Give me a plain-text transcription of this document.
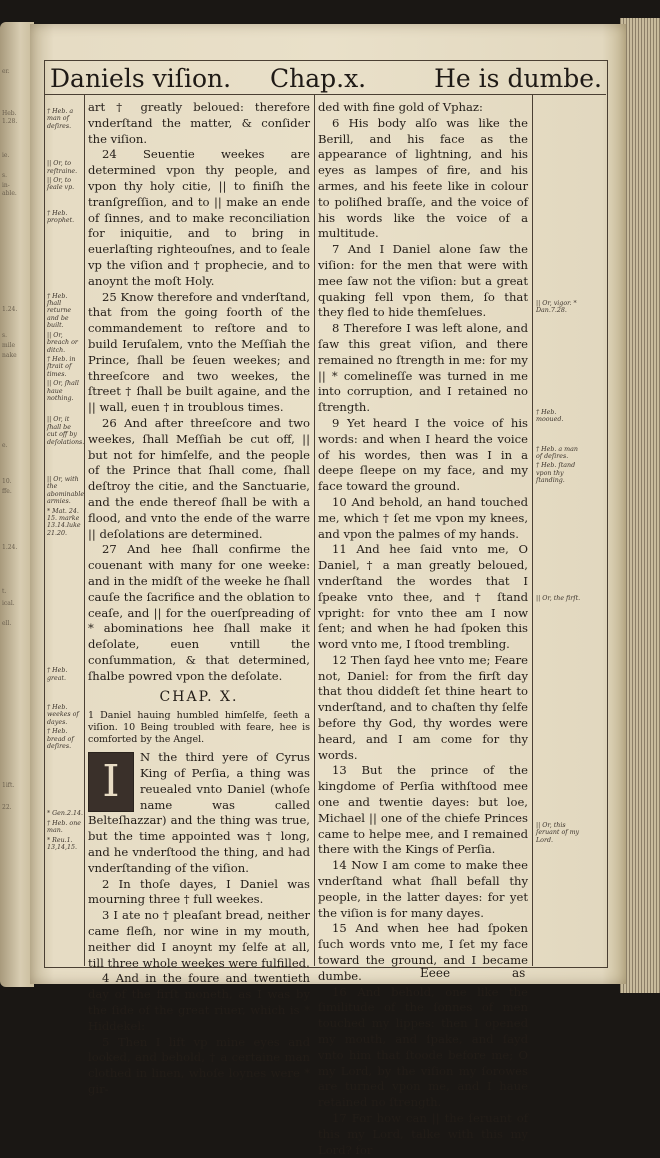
er.
Heb.
1.28.
ie.
s.
in-
able.
1.24.
s.
mile
nake
e.
10.
ffe.
1.24.
t.
ical.
ell.
1ift.
22.
Daniels viſion. Chap.x.	He is dumbe.
† Heb. a man of deſires.
|| Or, to reſtraine.
|| Or, to ſeale vp.
† Heb. prophet.
† Heb. ſhall returne and be built.
|| Or, breach or ditch.
† Heb. in ſtrait of times.
|| Or, ſhall haue nothing.
|| Or, it ſhall be cut off by deſolations.
|| Or, with the abominable armies.
* Mat. 24. 15. marke 13.14.luke 21.20.
† Heb. great.
† Heb. weekes of dayes.
† Heb. bread of deſires.
* Gen.2.14.
† Heb. one man.
* Reu.1. 13,14,15.

art † greatly beloued: therefore vnderſtand the matter, & conſider the viſion.

24 Seuentie weekes are determined vpon thy people, and vpon thy holy citie, || to finiſh the tranſgreſſion, and to || make an ende of ſinnes, and to make reconciliation for iniquitie, and to bring in euerlaſting righteouſnes, and to ſeale vp the viſion and † prophecie, and to anoynt the moſt Holy.

25 Know therefore and vnderſtand, that from the going foorth of the commandement to reſtore and to build Ieruſalem, vnto the Meſſiah the Prince, ſhall be ſeuen weekes; and threeſcore and two weekes, the ſtreet † ſhall be built againe, and the || wall, euen † in troublous times.

26 And after threeſcore and two weekes, ſhall Meſſiah be cut off, || but not for himſelfe, and the people of the Prince that ſhall come, ſhall deſtroy the citie, and the Sanctuarie, and the ende thereof ſhall be with a flood, and vnto the ende of the warre || deſolations are determined.

27 And hee ſhall confirme the couenant with many for one weeke: and in the midſt of the weeke he ſhall cauſe the ſacrifice and the oblation to ceaſe, and || for the ouerſpreading of * abominations hee ſhall make it deſolate, euen vntill the conſummation, & that determined, ſhalbe powred vpon the deſolate.

CHAP. X.
1 Daniel hauing humbled himſelfe, ſeeth a viſion. 10 Being troubled with feare, hee is comforted by the Angel.
I	N the third yere of Cyrus King of Perſia, a thing was reuealed vnto Daniel (whoſe name was called Belteſhazzar) and the thing was true, but the time appointed was † long, and he vnderſtood the thing, and had vnderſtanding of the viſion.

2 In thoſe dayes, I Daniel was mourning three † full weekes.

3 I ate no † pleaſant bread, neither came fleſh, nor wine in my mouth, neither did I anoynt my ſelfe at all, till three whole weekes were fulfilled.

4 And in the foure and twentieth day of the firſt moneth, as I was by the ſide of the great riuer, which is * Hiddekel:

5 Then I lift vp mine eyes and looked, and behold, † a certaine man clothed in linen, whoſe loynes were * gir-

ded with fine gold of Vphaz:

6 His body alſo was like the Berill, and his face as the appearance of lightning, and his eyes as lampes of fire, and his armes, and his feete like in colour to poliſhed braſſe, and the voice of his words like the voice of a multitude.

7 And I Daniel alone ſaw the viſion: for the men that were with mee ſaw not the viſion: but a great quaking fell vpon them, ſo that they fled to hide themſelues.

8 Therefore I was left alone, and ſaw this great viſion, and there remained no ſtrength in me: for my || * comelineſſe was turned in me into corruption, and I retained no ſtrength.

9 Yet heard I the voice of his words: and when I heard the voice of his wordes, then was I in a deepe ſleepe on my face, and my face toward the ground.

10 And behold, an hand touched me, which † ſet me vpon my knees, and vpon the palmes of my hands.

11 And hee ſaid vnto me, O Daniel, † a man greatly beloued, vnderſtand the wordes that I ſpeake vnto thee, and † ſtand vpright: for vnto thee am I now ſent; and when he had ſpoken this word vnto me, I ſtood trembling.

12 Then ſayd hee vnto me; Feare not, Daniel: for from the firſt day that thou diddeſt ſet thine heart to vnderſtand, and to chaſten thy ſelfe before thy God, thy wordes were heard, and I am come for thy words.

13 But the prince of the kingdome of Perſia withſtood mee one and twentie dayes: but loe, Michael || one of the chiefe Princes came to helpe mee, and I remained there with the Kings of Perſia.

14 Now I am come to make thee vnderſtand what ſhall befall thy people, in the latter dayes: for yet the viſion is for many dayes.

15 And when hee had ſpoken ſuch words vnto me, I ſet my face toward the ground, and I became dumbe.

16 And behold, one like the ſimilitude of the ſonnes of men touched my lippes: then I opened my mouth, and ſpake, and ſayd vnto him that ſtoode before me; O my Lord, by the viſion my ſorowes are turned vpon me, and I haue retained no ſtrength.

17 For how can || the ſeruant of this my Lord, talke with this my Lord? for

|| Or, vigor. * Dan.7.28.
† Heb. mooued.
† Heb. a man of deſires.
† Heb. ſtand vpon thy ſtanding.
|| Or, the firſt.
|| Or, this ſeruant of my Lord.
Eeee	as
